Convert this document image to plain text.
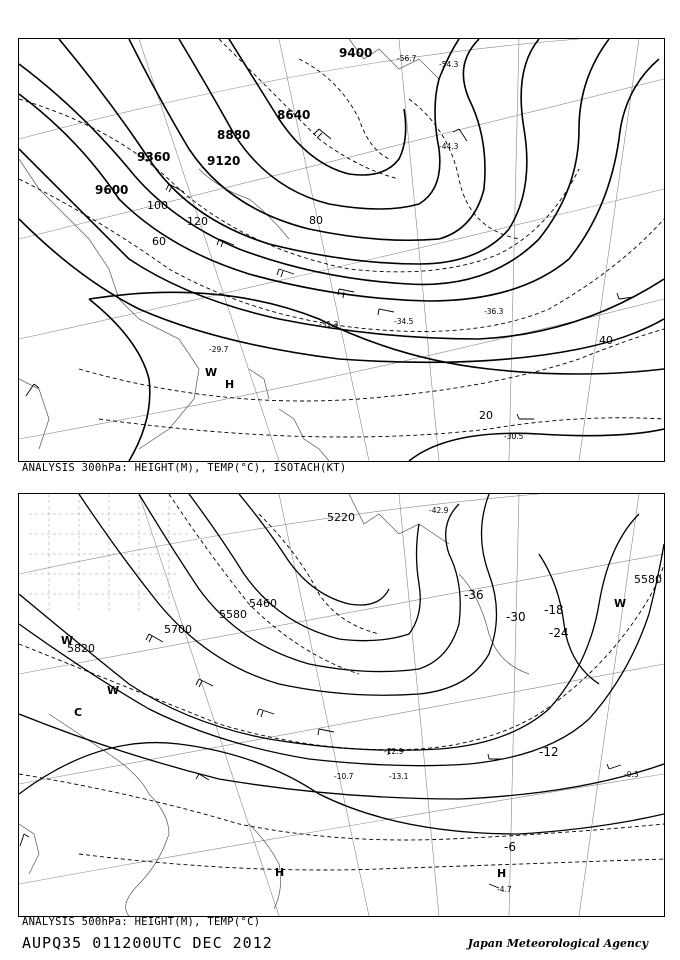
9600
9360	9120
8880
8640
9400
100
120	80
60
40
20
-30.5
-29.7
-31.3	-34.5
-36.3
-44.3
-54.3
-56.7
W
H
ANALYSIS 300hPa: HEIGHT(M), TEMP(°C), ISOTACH(KT)
5820
5700
5580
5460
5580
5220
-12
-18
-24
-30
-36
-6
-12.9
-13.1
-10.7	-9.3
-4.7
-42.9
W
W
C
H	H
W
ANALYSIS 500hPa: HEIGHT(M), TEMP(°C)
AUPQ35 011200UTC DEC 2012	Japan Meteorological Agency
